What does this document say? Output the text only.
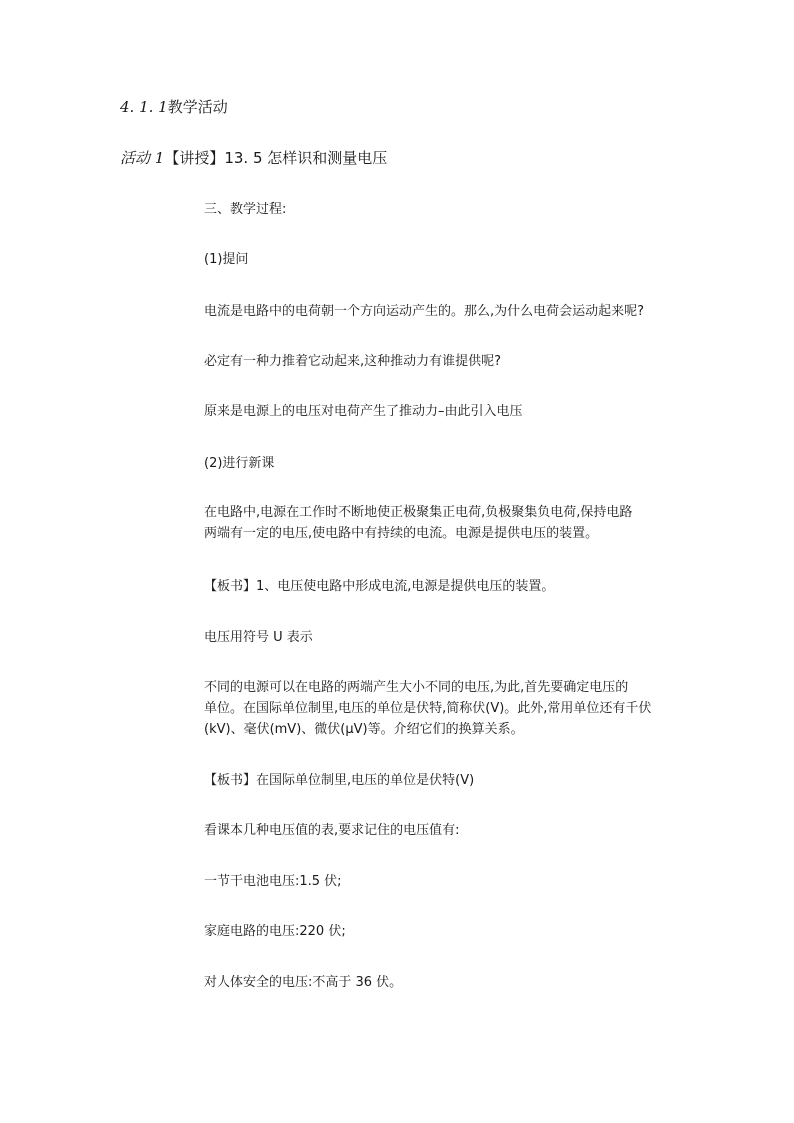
4. 1. 1教学活动
活动 1【讲授】13. 5 怎样识和测量电压
三、教学过程:
(1)提问
电流是电路中的电荷朝一个方向运动产生的。那么,为什么电荷会运动起来呢?
必定有一种力推着它动起来,这种推动力有谁提供呢?
原来是电源上的电压对电荷产生了推动力–由此引入电压
(2)进行新课
在电路中,电源在工作时不断地使正极聚集正电荷,负极聚集负电荷,保持电路
两端有一定的电压,使电路中有持续的电流。电源是提供电压的装置。
【板书】1、电压使电路中形成电流,电源是提供电压的装置。
电压用符号 U 表示
不同的电源可以在电路的两端产生大小不同的电压,为此,首先要确定电压的
单位。在国际单位制里,电压的单位是伏特,简称伏(V)。此外,常用单位还有千伏
(kV)、毫伏(mV)、微伏(μV)等。介绍它们的换算关系。
【板书】在国际单位制里,电压的单位是伏特(V)
看课本几种电压值的表,要求记住的电压值有:
一节干电池电压:1.5 伏;
家庭电路的电压:220 伏;
对人体安全的电压:不高于 36 伏。
